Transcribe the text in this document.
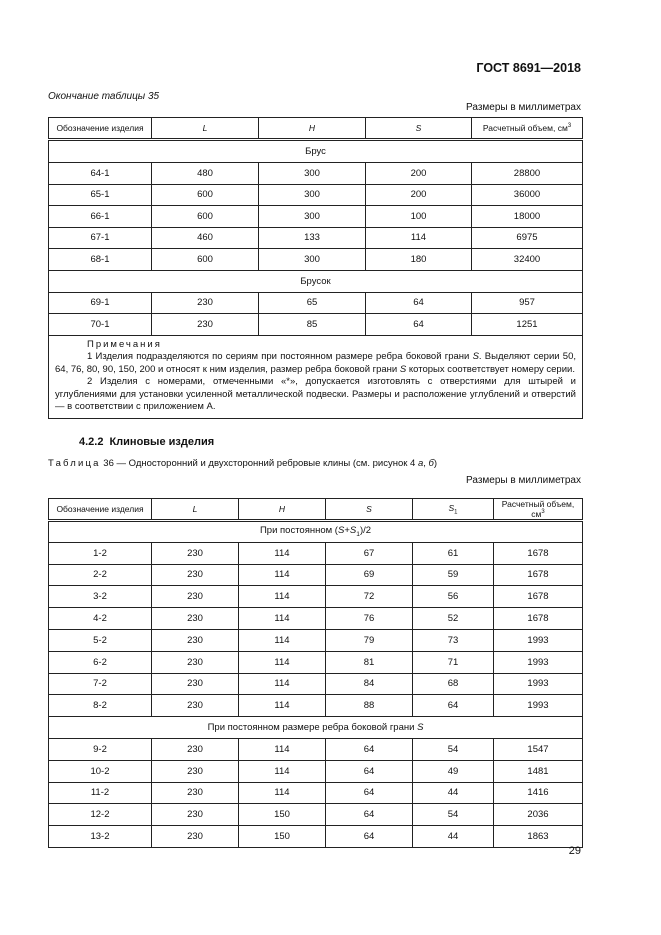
ГОСТ 8691—2018
Окончание таблицы 35
Размеры в миллиметрах
Обозначение изделия	L	H	S	Расчетный объем, $см^3$
Брус				
64-1	480	300	200	28800
65-1	600	300	200	36000
66-1	600	300	100	18000
67-1	460	133	114	6975
68-1	600	300	180	32400
Брусок				
69-1	230	65	64	957
70-1	230	85	64	1251

Примечания

1 Изделия подразделяются по сериям при постоянном размере ребра боковой грани S. Выделяют серии 50, 64, 76, 80, 90, 150, 200 и относят к ним изделия, размер ребра боковой грани S которых соответствует номеру серии.

2 Изделия с номерами, отмеченными «*», допускается изготовлять с отверстиями для штырей и углублениями для установки усиленной металлической подвески. Размеры и расположение углублений и отверстий — в соответствии с приложением А.				

4.2.2 Клиновые изделия
Таблица 36 — Односторонний и двухсторонний ребровые клины (см. рисунок 4 а, б)
Размеры в миллиметрах
Обозначение изделия	L	H	S	$S_1$	Расчетный объем, $см^3$
При постоянном $(S+S_1)/2$					
1-2	230	114	67	61	1678
2-2	230	114	69	59	1678
3-2	230	114	72	56	1678
4-2	230	114	76	52	1678
5-2	230	114	79	73	1993
6-2	230	114	81	71	1993
7-2	230	114	84	68	1993
8-2	230	114	88	64	1993
При постоянном размере ребра боковой грани S					
9-2	230	114	64	54	1547
10-2	230	114	64	49	1481
11-2	230	114	64	44	1416
12-2	230	150	64	54	2036
13-2	230	150	64	44	1863
29
